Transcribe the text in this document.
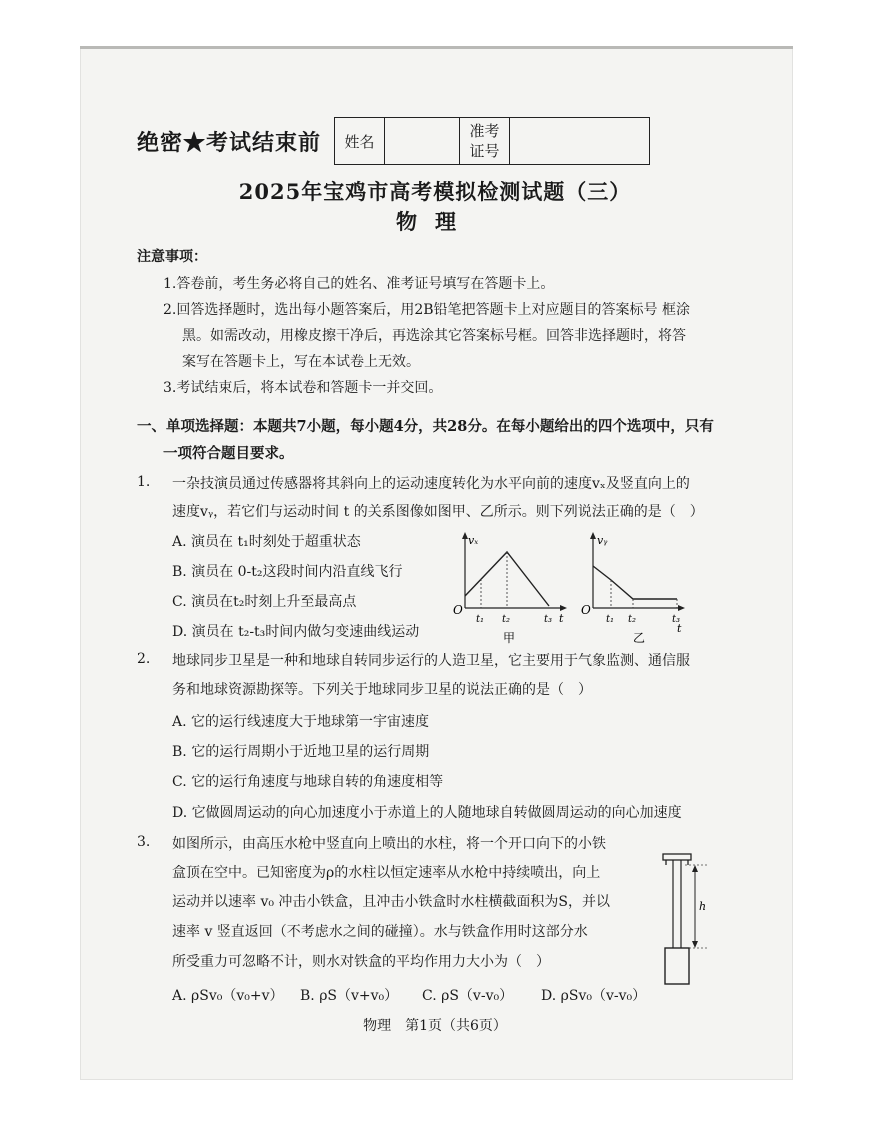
绝密★考试结束前 姓名		
准考
证号

2025年宝鸡市高考模拟检测试题（三）
物理
注意事项：
1.答卷前，考生务必将自己的姓名、准考证号填写在答题卡上。
2.回答选择题时，选出每小题答案后，用2B铅笔把答题卡上对应题目的答案标号 框涂
黑。如需改动，用橡皮擦干净后，再选涂其它答案标号框。回答非选择题时，将答
案写在答题卡上，写在本试卷上无效。
3.考试结束后，将本试卷和答题卡一并交回。
一、单项选择题：本题共7小题，每小题4分，共28分。在每小题给出的四个选项中，只有
一项符合题目要求。
1. 一杂技演员通过传感器将其斜向上的运动速度转化为水平向前的速度vₓ及竖直向上的
速度vᵧ，若它们与运动时间 t 的关系图像如图甲、乙所示。则下列说法正确的是（　）
A. 演员在 t₁时刻处于超重状态
B. 演员在 0-t₂这段时间内沿直线飞行
C. 演员在t₂时刻上升至最高点
D. 演员在 t₂-t₃时间内做匀变速曲线运动
vₓ
O
t₁ t₂	t₃ t
甲
vᵧ
O
t₁ t₂	t₃
t
乙
2. 地球同步卫星是一种和地球自转同步运行的人造卫星，它主要用于气象监测、通信服
务和地球资源勘探等。下列关于地球同步卫星的说法正确的是（　）
A. 它的运行线速度大于地球第一宇宙速度
B. 它的运行周期小于近地卫星的运行周期
C. 它的运行角速度与地球自转的角速度相等
D. 它做圆周运动的向心加速度小于赤道上的人随地球自转做圆周运动的向心加速度
3. 如图所示，由高压水枪中竖直向上喷出的水柱，将一个开口向下的小铁
盒顶在空中。已知密度为ρ的水柱以恒定速率从水枪中持续喷出，向上
运动并以速率 v₀ 冲击小铁盒，且冲击小铁盒时水柱横截面积为S，并以
速率 v 竖直返回（不考虑水之间的碰撞）。水与铁盒作用时这部分水
所受重力可忽略不计，则水对铁盒的平均作用力大小为（　）
A. ρSv₀（v₀+v） B. ρS（v+v₀） C. ρS（v-v₀） D. ρSv₀（v-v₀）
h
物理　第1页（共6页）
